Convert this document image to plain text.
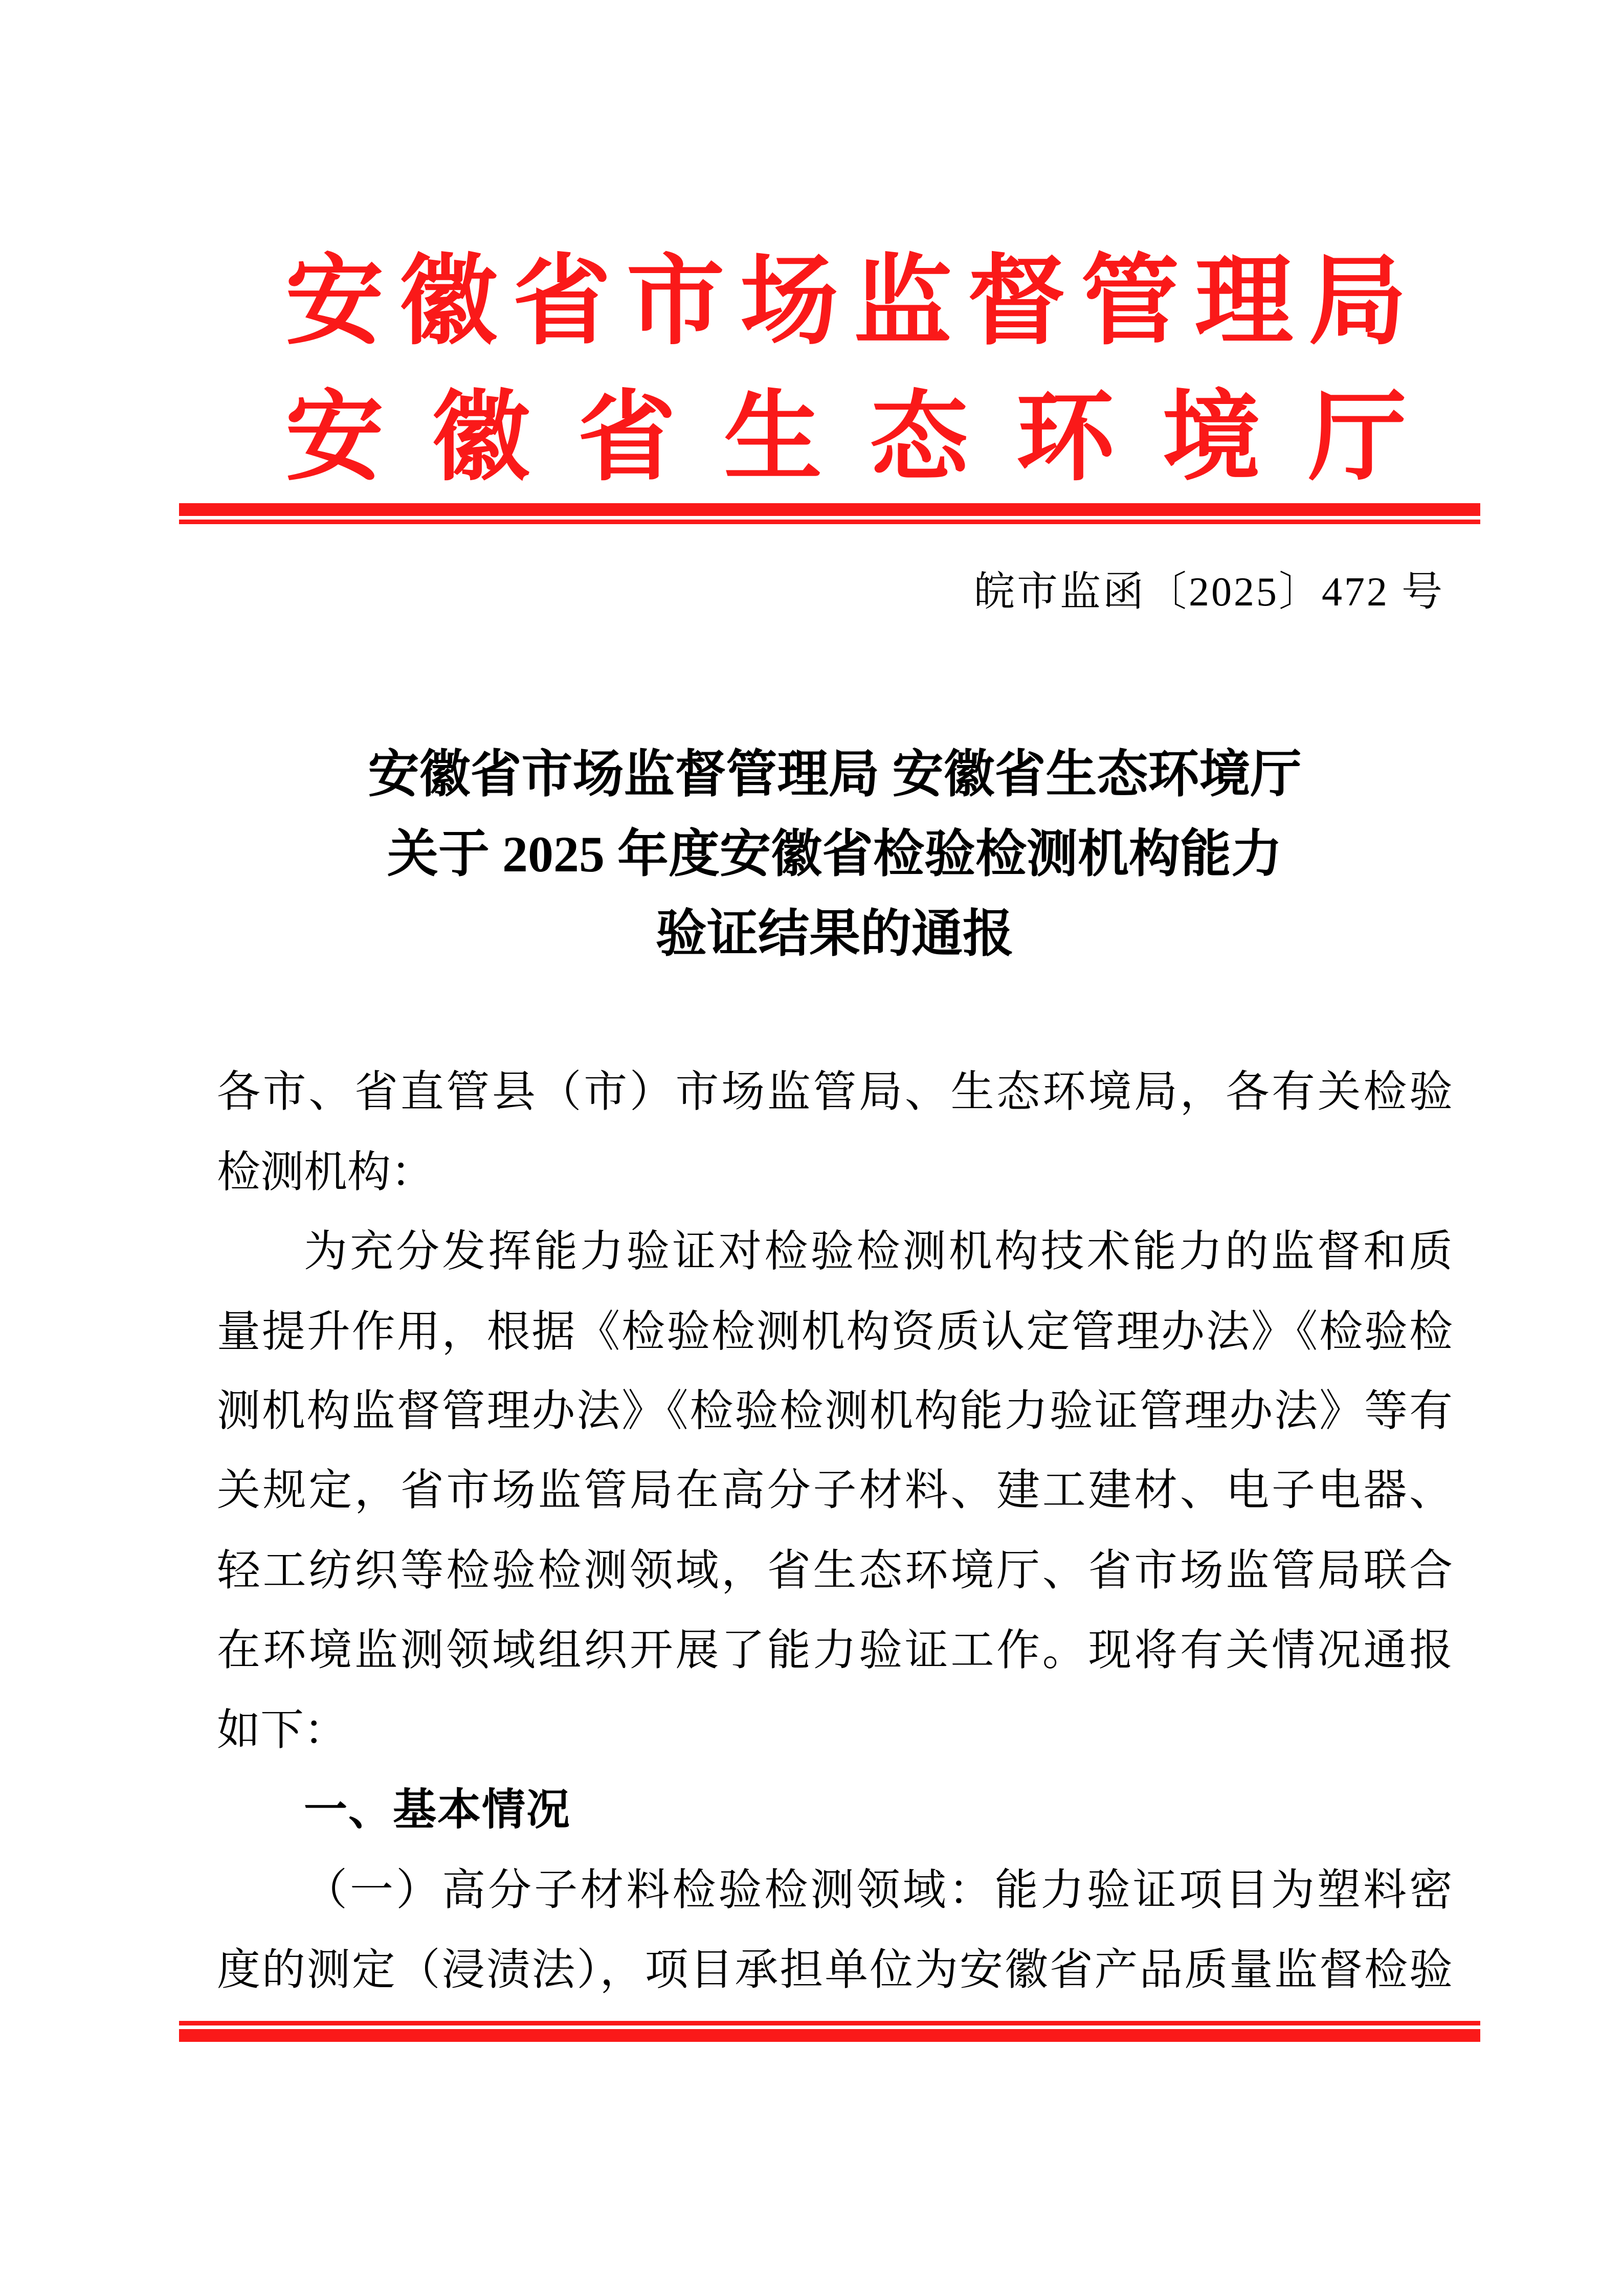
安徽省市场监督管理局
安徽省生态环境厅
皖市监函〔2025〕472 号
安徽省市场监督管理局 安徽省生态环境厅
关于 2025 年度安徽省检验检测机构能力
验证结果的通报
各市、省直管县（市）市场监管局、生态环境局，各有关检验
检测机构：
为充分发挥能力验证对检验检测机构技术能力的监督和质
量提升作用，根据《检验检测机构资质认定管理办法》《检验检
测机构监督管理办法》《检验检测机构能力验证管理办法》等有
关规定，省市场监管局在高分子材料、建工建材、电子电器、
轻工纺织等检验检测领域，省生态环境厅、省市场监管局联合
在环境监测领域组织开展了能力验证工作。现将有关情况通报
如下：
一、基本情况
（一）高分子材料检验检测领域：能力验证项目为塑料密
度的测定（浸渍法），项目承担单位为安徽省产品质量监督检验
